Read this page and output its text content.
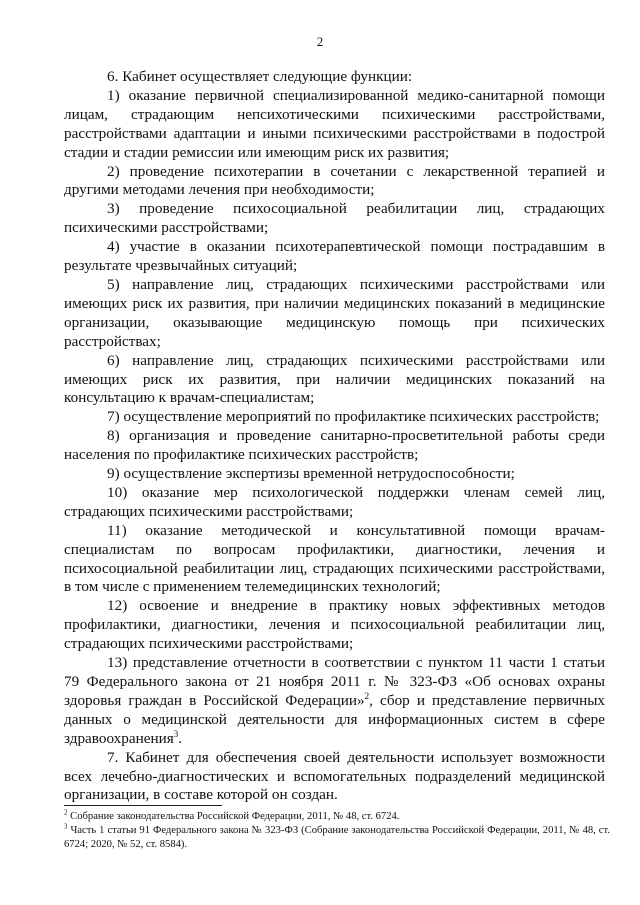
2

6. Кабинет осуществляет следующие функции:

1) оказание первичной специализированной медико-санитарной помощи лицам, страдающим непсихотическими психическими расстройствами, расстройствами адаптации и иными психическими расстройствами в подострой стадии и стадии ремиссии или имеющим риск их развития;

2) проведение психотерапии в сочетании с лекарственной терапией и другими методами лечения при необходимости;

3) проведение психосоциальной реабилитации лиц, страдающих психическими расстройствами;

4) участие в оказании психотерапевтической помощи пострадавшим в результате чрезвычайных ситуаций;

5) направление лиц, страдающих психическими расстройствами или имеющих риск их развития, при наличии медицинских показаний в медицинские организации, оказывающие медицинскую помощь при психических расстройствах;

6) направление лиц, страдающих психическими расстройствами или имеющих риск их развития, при наличии медицинских показаний на консультацию к врачам-специалистам;

7) осуществление мероприятий по профилактике психических расстройств;

8) организация и проведение санитарно-просветительной работы среди населения по профилактике психических расстройств;

9) осуществление экспертизы временной нетрудоспособности;

10) оказание мер психологической поддержки членам семей лиц, страдающих психическими расстройствами;

11) оказание методической и консультативной помощи врачам-специалистам по вопросам профилактики, диагностики, лечения и психосоциальной реабилитации лиц, страдающих психическими расстройствами, в том числе с применением телемедицинских технологий;

12) освоение и внедрение в практику новых эффективных методов профилактики, диагностики, лечения и психосоциальной реабилитации лиц, страдающих психическими расстройствами;

13) представление отчетности в соответствии с пунктом 11 части 1 статьи 79 Федерального закона от 21 ноября 2011 г. № 323-ФЗ «Об основах охраны здоровья граждан в Российской Федерации»$^2$, сбор и представление первичных данных о медицинской деятельности для информационных систем в сфере здравоохранения$^3$.

7. Кабинет для обеспечения своей деятельности использует возможности всех лечебно-диагностических и вспомогательных подразделений медицинской организации, в составе которой он создан.

$^2$ Собрание законодательства Российской Федерации, 2011, № 48, ст. 6724.

$^3$ Часть 1 статьи 91 Федерального закона № 323-ФЗ (Собрание законодательства Российской Федерации, 2011, № 48, ст. 6724; 2020, № 52, ст. 8584).
